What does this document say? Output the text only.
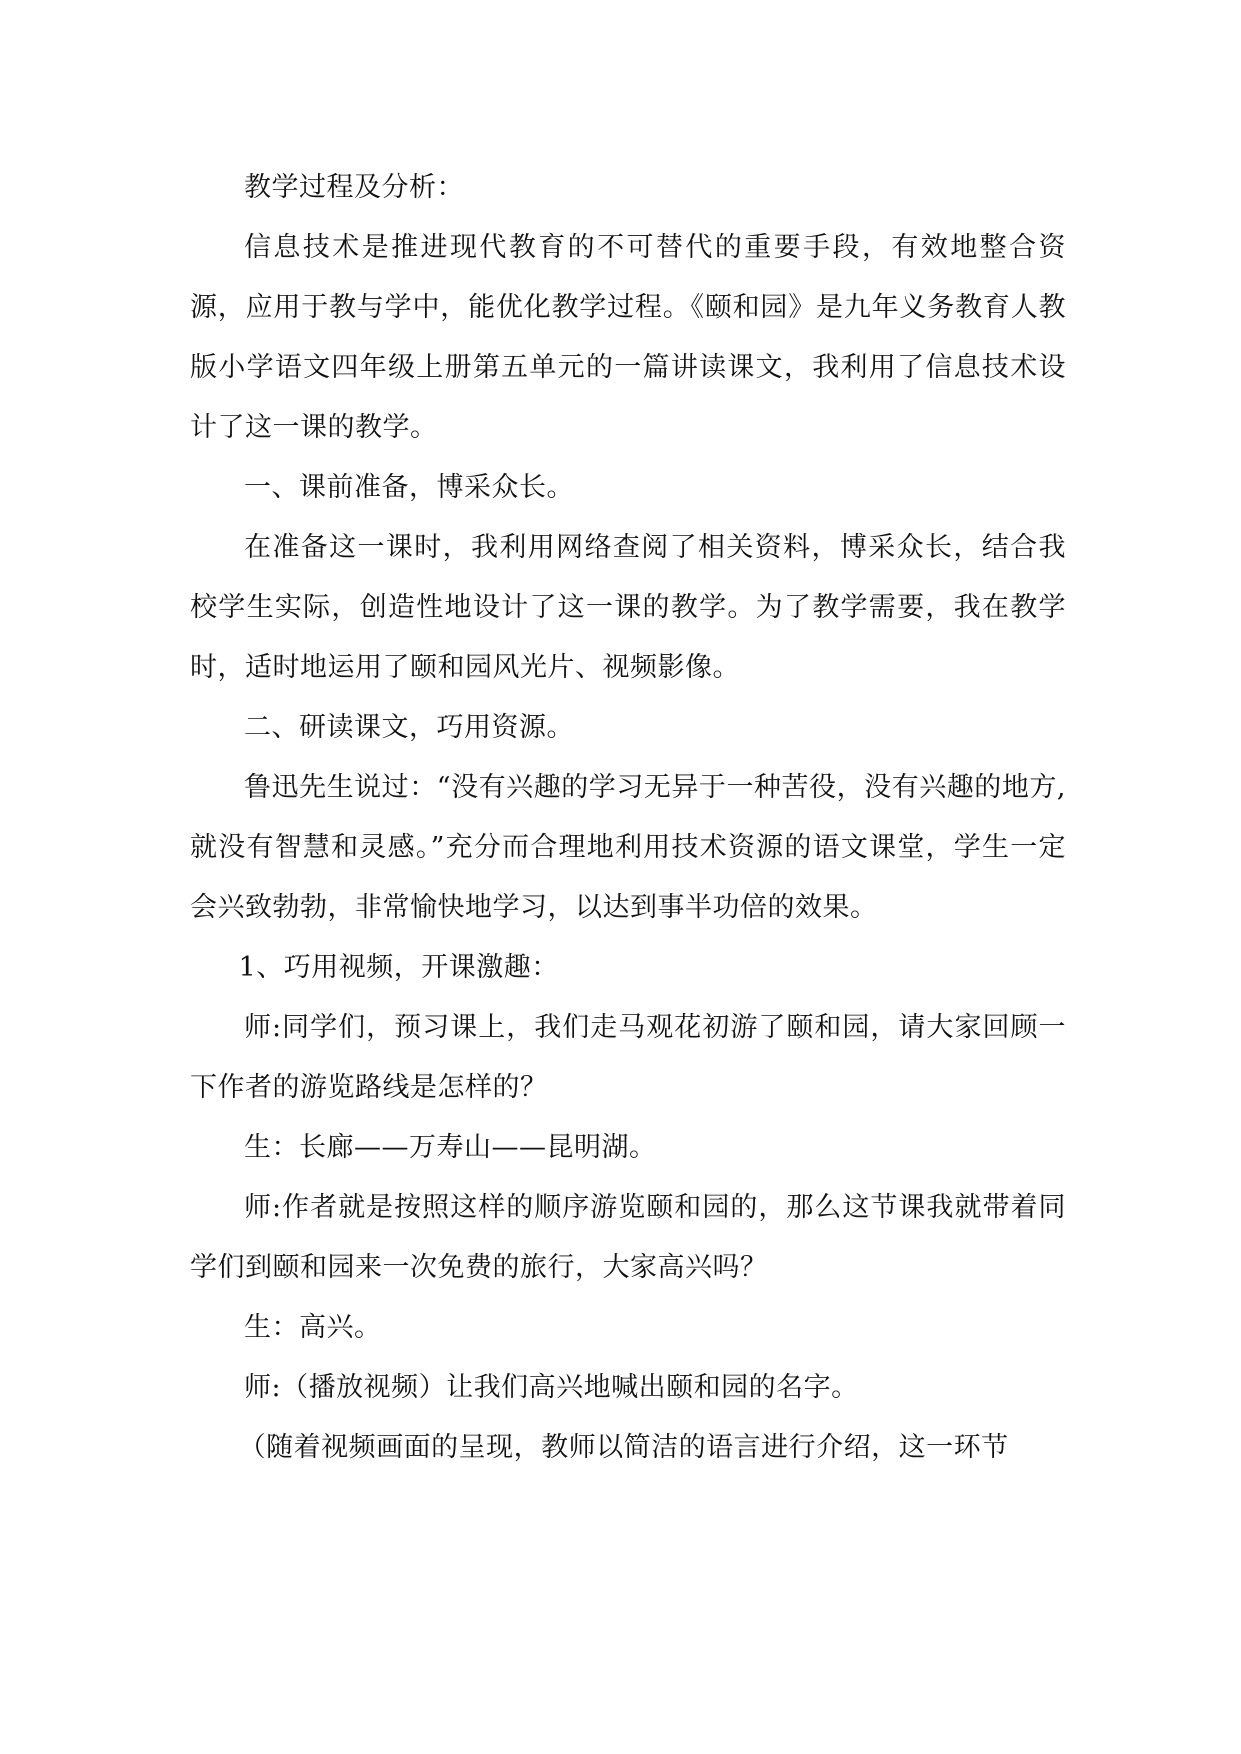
教学过程及分析：

信息技术是推进现代教育的不可替代的重要手段，有效地整合资源，应用于教与学中，能优化教学过程。《颐和园》是九年义务教育人教版小学语文四年级上册第五单元的一篇讲读课文，我利用了信息技术设计了这一课的教学。

一、课前准备，博采众长。

在准备这一课时，我利用网络查阅了相关资料，博采众长，结合我校学生实际，创造性地设计了这一课的教学。为了教学需要，我在教学时，适时地运用了颐和园风光片、视频影像。

二、研读课文，巧用资源。

鲁迅先生说过：“没有兴趣的学习无异于一种苦役，没有兴趣的地方,就没有智慧和灵感。”充分而合理地利用技术资源的语文课堂，学生一定会兴致勃勃，非常愉快地学习，以达到事半功倍的效果。

1、巧用视频，开课激趣：

师:同学们，预习课上，我们走马观花初游了颐和园，请大家回顾一下作者的游览路线是怎样的？

生：长廊——万寿山——昆明湖。

师:作者就是按照这样的顺序游览颐和园的，那么这节课我就带着同学们到颐和园来一次免费的旅行，大家高兴吗？

生：高兴。

师:（播放视频）让我们高兴地喊出颐和园的名字。

（随着视频画面的呈现，教师以简洁的语言进行介绍，这一环节
